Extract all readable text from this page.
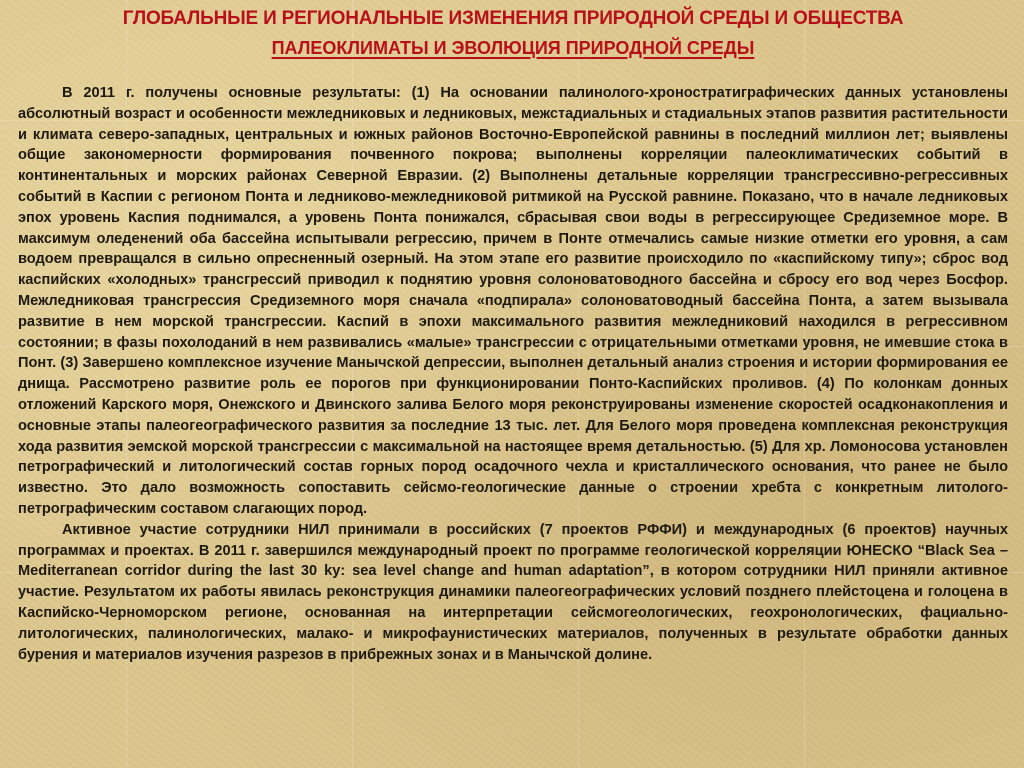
ГЛОБАЛЬНЫЕ И РЕГИОНАЛЬНЫЕ ИЗМЕНЕНИЯ ПРИРОДНОЙ СРЕДЫ И ОБЩЕСТВА
ПАЛЕОКЛИМАТЫ И ЭВОЛЮЦИЯ ПРИРОДНОЙ СРЕДЫ

В 2011 г. получены основные результаты: (1) На основании палинолого-хроностратиграфических данных установлены абсолютный возраст и особенности межледниковых и ледниковых, межстадиальных и стадиальных этапов развития растительности и климата северо-западных, центральных и южных районов Восточно-Европейской равнины в последний миллион лет; выявлены общие закономерности формирования почвенного покрова; выполнены корреляции палеоклиматических событий в континентальных и морских районах Северной Евразии. (2) Выполнены детальные корреляции трансгрессивно-регрессивных событий в Каспии с регионом Понта и ледниково-межледниковой ритмикой на Русской равнине. Показано, что в начале ледниковых эпох уровень Каспия поднимался, а уровень Понта понижался, сбрасывая свои воды в регрессирующее Средиземное море. В максимум оледенений оба бассейна испытывали регрессию, причем в Понте отмечались самые низкие отметки его уровня, а сам водоем превращался в сильно опресненный озерный. На этом этапе его развитие происходило по «каспийскому типу»; сброс вод каспийских «холодных» трансгрессий приводил к поднятию уровня солоноватоводного бассейна и сбросу его вод через Босфор. Межледниковая трансгрессия Средиземного моря сначала «подпирала» солоноватоводный бассейна Понта, а затем вызывала развитие в нем морской трансгрессии. Каспий в эпохи максимального развития межледниковий находился в регрессивном состоянии; в фазы похолоданий в нем развивались «малые» трансгрессии с отрицательными отметками уровня, не имевшие стока в Понт. (3) Завершено комплексное изучение Манычской депрессии, выполнен детальный анализ строения и истории формирования ее днища. Рассмотрено развитие роль ее порогов при функционировании Понто-Каспийских проливов. (4) По колонкам донных отложений Карского моря, Онежского и Двинского залива Белого моря реконструированы изменение скоростей осадконакопления и основные этапы палеогеографического развития за последние 13 тыс. лет. Для Белого моря проведена комплексная реконструкция хода развития эемской морской трансгрессии с максимальной на настоящее время детальностью. (5) Для хр. Ломоносова установлен петрографический и литологический состав горных пород осадочного чехла и кристаллического основания, что ранее не было известно. Это дало возможность сопоставить сейсмо-геологические данные о строении хребта с конкретным литолого-петрографическим составом слагающих пород.

Активное участие сотрудники НИЛ принимали в российских (7 проектов РФФИ) и международных (6 проектов) научных программах и проектах. В 2011 г. завершился международный проект по программе геологической корреляции ЮНЕСКО “Black Sea – Mediterranean corridor during the last 30 ky: sea level change and human adaptation”, в котором сотрудники НИЛ приняли активное участие. Результатом их работы явилась реконструкция динамики палеогеографических условий позднего плейстоцена и голоцена в Каспийско-Черноморском регионе, основанная на интерпретации сейсмогеологических, геохронологических, фациально-литологических, палинологических, малако- и микрофаунистических материалов, полученных в результате обработки данных бурения и материалов изучения разрезов в прибрежных зонах и в Манычской долине.
